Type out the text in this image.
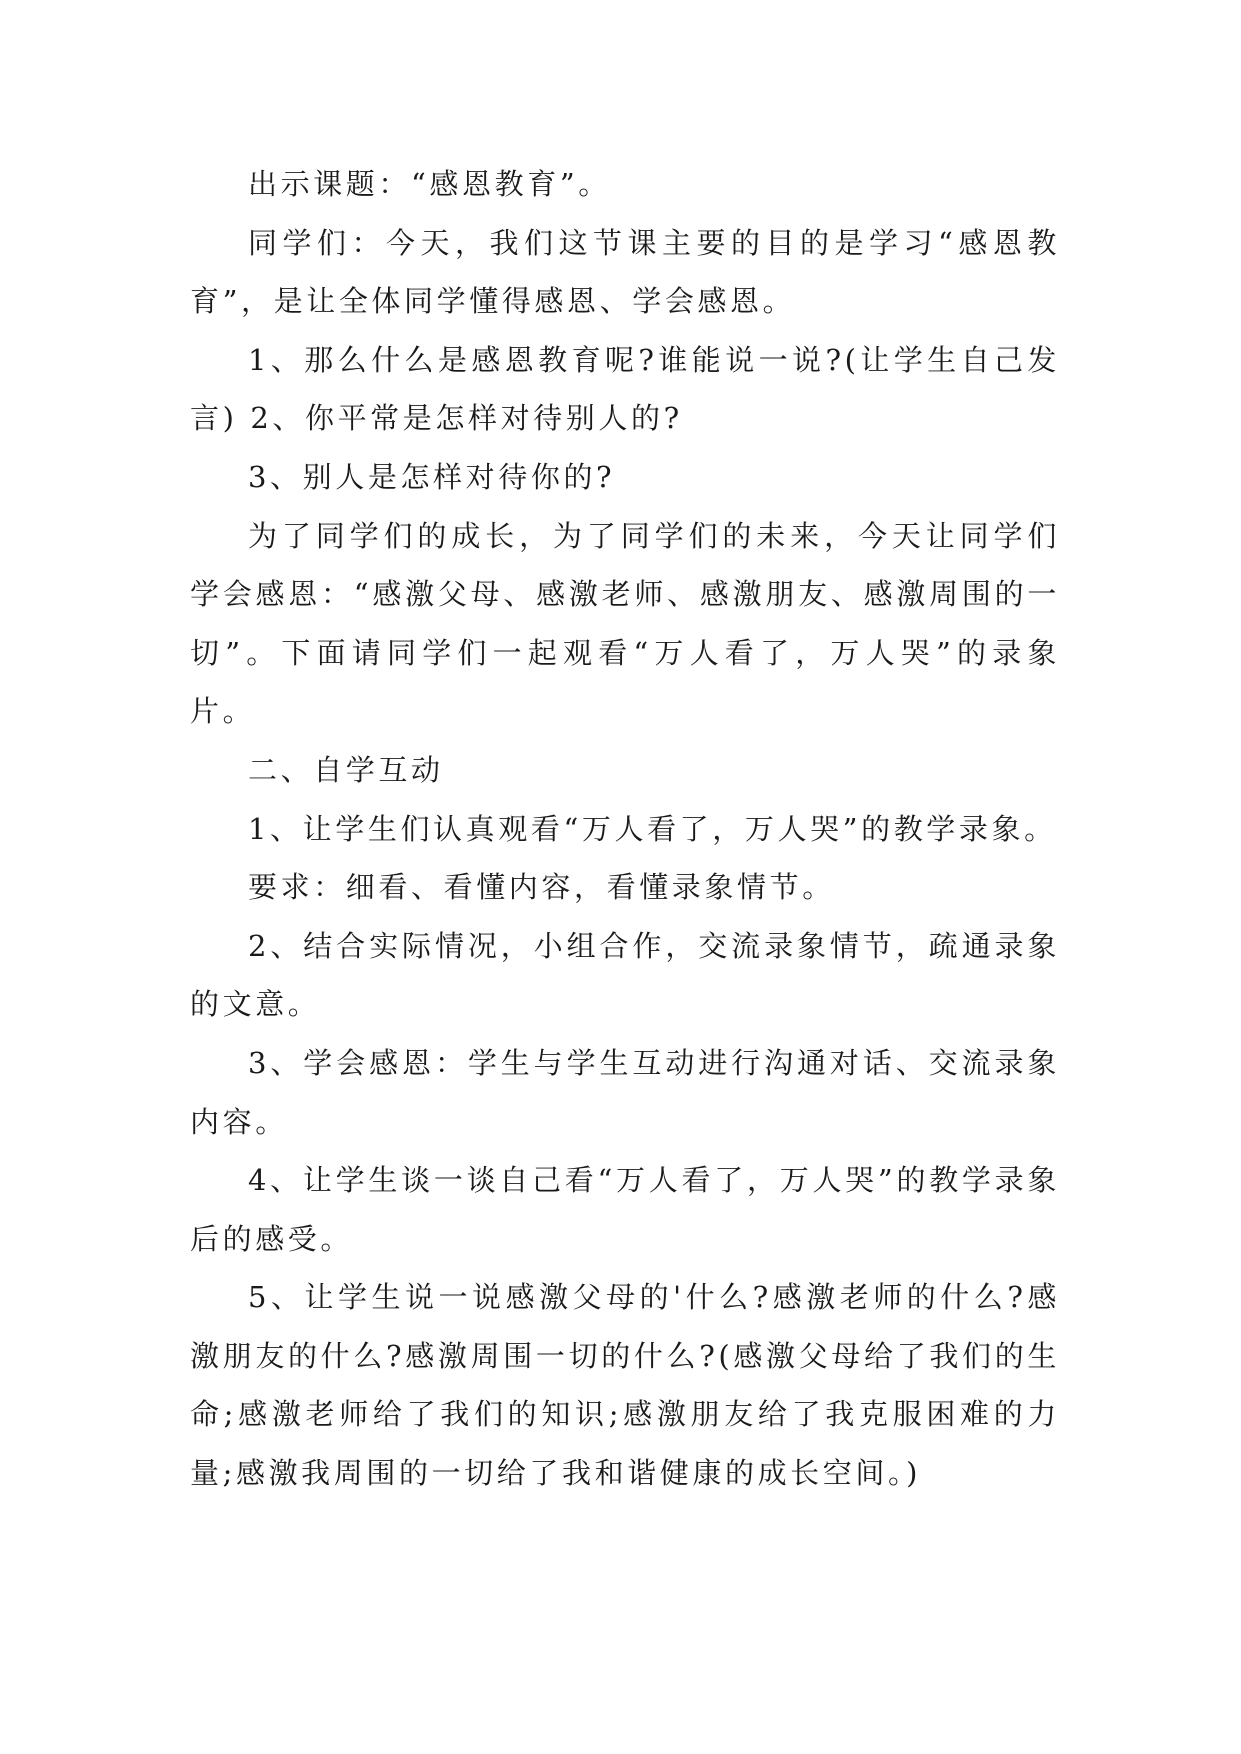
出示课题：“感恩教育”。

同学们：今天，我们这节课主要的目的是学习“感恩教育”，是让全体同学懂得感恩、学会感恩。

1、那么什么是感恩教育呢?谁能说一说?(让学生自己发言) 2、你平常是怎样对待别人的?

3、别人是怎样对待你的?

为了同学们的成长，为了同学们的未来，今天让同学们学会感恩：“感激父母、感激老师、感激朋友、感激周围的一切”。下面请同学们一起观看“万人看了，万人哭”的录象片。

二、自学互动

1、让学生们认真观看“万人看了，万人哭”的教学录象。

要求：细看、看懂内容，看懂录象情节。

2、结合实际情况，小组合作，交流录象情节，疏通录象的文意。

3、学会感恩：学生与学生互动进行沟通对话、交流录象内容。

4、让学生谈一谈自己看“万人看了，万人哭”的教学录象后的感受。

5、让学生说一说感激父母的'什么?感激老师的什么?感激朋友的什么?感激周围一切的什么?(感激父母给了我们的生命;感激老师给了我们的知识;感激朋友给了我克服困难的力量;感激我周围的一切给了我和谐健康的成长空间。)
